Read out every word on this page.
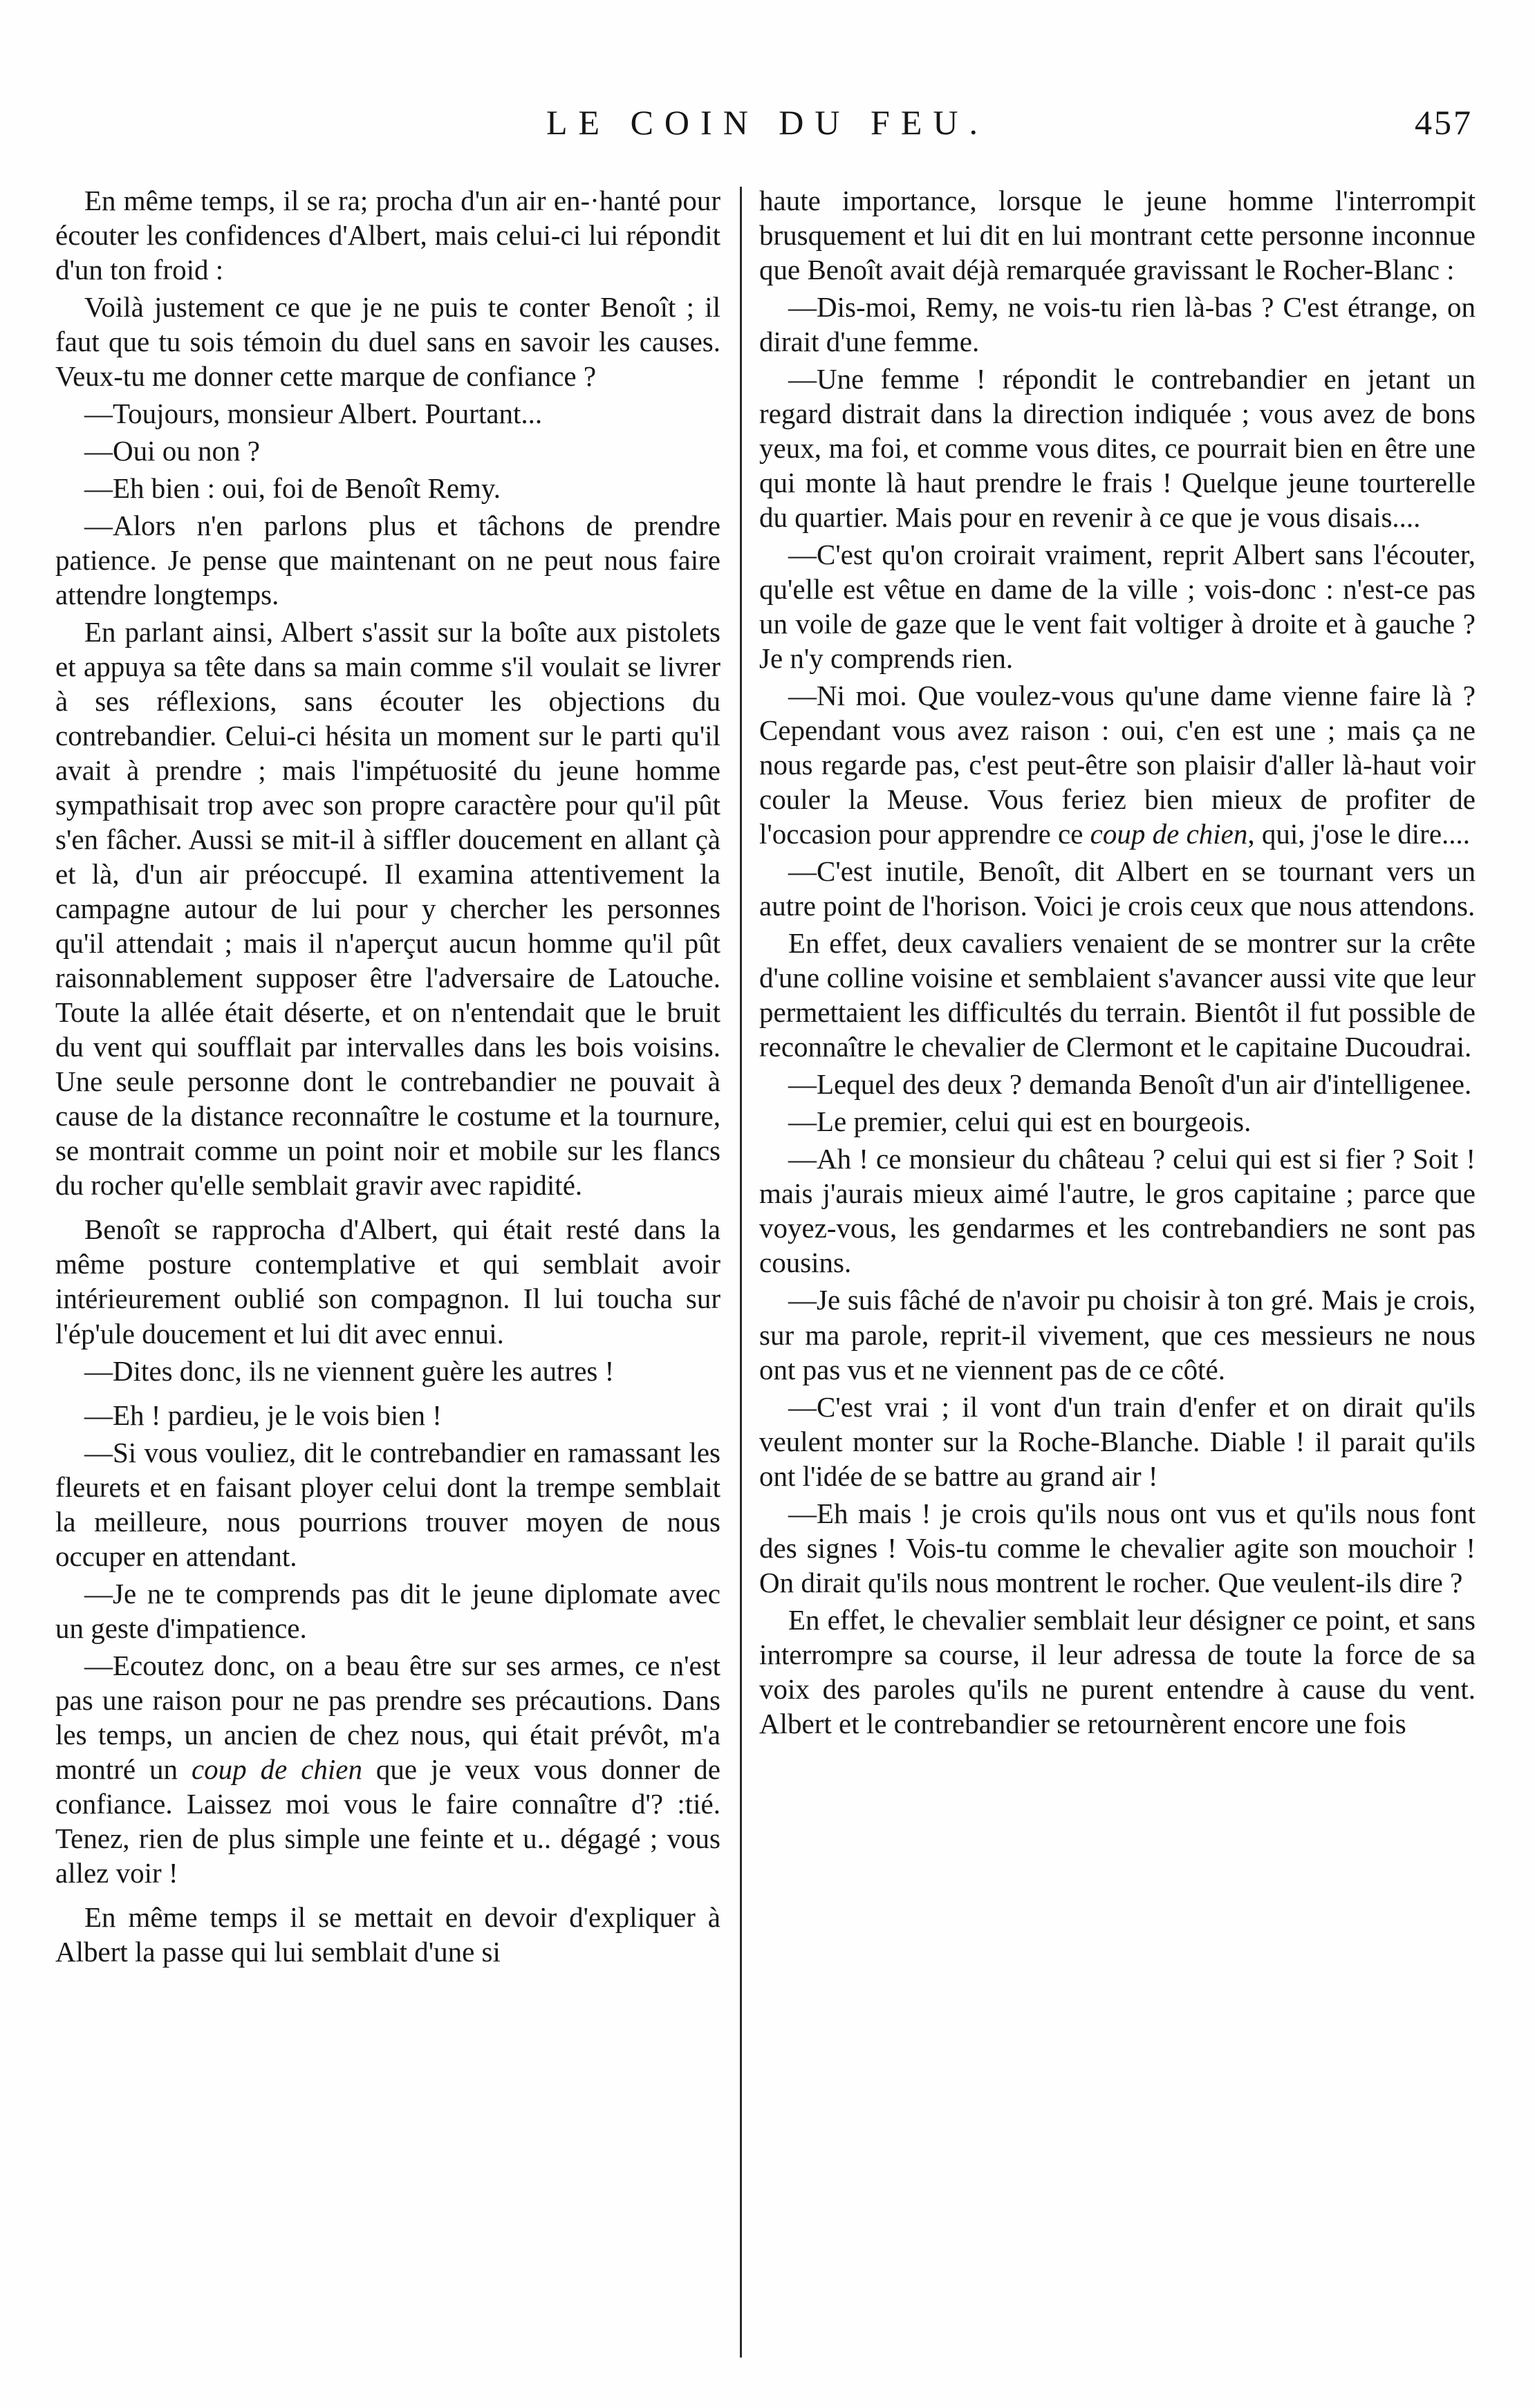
LE COIN DU FEU.	457

En même temps, il se ra; procha d'un air en-·hanté pour écouter les confidences d'Albert, mais celui-ci lui répondit d'un ton froid :

Voilà justement ce que je ne puis te conter Benoît ; il faut que tu sois témoin du duel sans en savoir les causes. Veux-tu me donner cette marque de confiance ?

—Toujours, monsieur Albert. Pourtant...

—Oui ou non ?

—Eh bien : oui, foi de Benoît Remy.

—Alors n'en parlons plus et tâchons de prendre patience. Je pense que maintenant on ne peut nous faire attendre longtemps.

En parlant ainsi, Albert s'assit sur la boîte aux pistolets et appuya sa tête dans sa main comme s'il voulait se livrer à ses réflexions, sans écouter les objections du contrebandier. Celui-ci hésita un moment sur le parti qu'il avait à prendre ; mais l'impétuosité du jeune homme sympathisait trop avec son propre caractère pour qu'il pût s'en fâcher. Aussi se mit-il à siffler doucement en allant çà et là, d'un air préoccupé. Il examina attentivement la campagne autour de lui pour y chercher les personnes qu'il attendait ; mais il n'aperçut aucun homme qu'il pût raisonnablement supposer être l'adversaire de Latouche. Toute la allée était déserte, et on n'entendait que le bruit du vent qui soufflait par intervalles dans les bois voisins. Une seule personne dont le contrebandier ne pouvait à cause de la distance reconnaître le costume et la tournure, se montrait comme un point noir et mobile sur les flancs du rocher qu'elle semblait gravir avec rapidité.

Benoît se rapprocha d'Albert, qui était resté dans la même posture contemplative et qui semblait avoir intérieurement oublié son compagnon. Il lui toucha sur l'ép'ule doucement et lui dit avec ennui.

—Dites donc, ils ne viennent guère les autres !

—Eh ! pardieu, je le vois bien !

—Si vous vouliez, dit le contrebandier en ramassant les fleurets et en faisant ployer celui dont la trempe semblait la meilleure, nous pourrions trouver moyen de nous occuper en attendant.

—Je ne te comprends pas dit le jeune diplomate avec un geste d'impatience.

—Ecoutez donc, on a beau être sur ses armes, ce n'est pas une raison pour ne pas prendre ses précautions. Dans les temps, un ancien de chez nous, qui était prévôt, m'a montré un coup de chien que je veux vous donner de confiance. Laissez moi vous le faire connaître d'? :tié. Tenez, rien de plus simple une feinte et u.. dégagé ; vous allez voir !

En même temps il se mettait en devoir d'expliquer à Albert la passe qui lui semblait d'une si

haute importance, lorsque le jeune homme l'interrompit brusquement et lui dit en lui montrant cette personne inconnue que Benoît avait déjà remarquée gravissant le Rocher-Blanc :

—Dis-moi, Remy, ne vois-tu rien là-bas ? C'est étrange, on dirait d'une femme.

—Une femme ! répondit le contrebandier en jetant un regard distrait dans la direction indiquée ; vous avez de bons yeux, ma foi, et comme vous dites, ce pourrait bien en être une qui monte là haut prendre le frais ! Quelque jeune tourterelle du quartier. Mais pour en revenir à ce que je vous disais....

—C'est qu'on croirait vraiment, reprit Albert sans l'écouter, qu'elle est vêtue en dame de la ville ; vois-donc : n'est-ce pas un voile de gaze que le vent fait voltiger à droite et à gauche ? Je n'y comprends rien.

—Ni moi. Que voulez-vous qu'une dame vienne faire là ? Cependant vous avez raison : oui, c'en est une ; mais ça ne nous regarde pas, c'est peut-être son plaisir d'aller là-haut voir couler la Meuse. Vous feriez bien mieux de profiter de l'occasion pour apprendre ce coup de chien, qui, j'ose le dire....

—C'est inutile, Benoît, dit Albert en se tournant vers un autre point de l'horison. Voici je crois ceux que nous attendons.

En effet, deux cavaliers venaient de se montrer sur la crête d'une colline voisine et semblaient s'avancer aussi vite que leur permettaient les difficultés du terrain. Bientôt il fut possible de reconnaître le chevalier de Clermont et le capitaine Ducoudrai.

—Lequel des deux ? demanda Benoît d'un air d'intelligenee.

—Le premier, celui qui est en bourgeois.

—Ah ! ce monsieur du château ? celui qui est si fier ? Soit ! mais j'aurais mieux aimé l'autre, le gros capitaine ; parce que voyez-vous, les gendarmes et les contrebandiers ne sont pas cousins.

—Je suis fâché de n'avoir pu choisir à ton gré. Mais je crois, sur ma parole, reprit-il vivement, que ces messieurs ne nous ont pas vus et ne viennent pas de ce côté.

—C'est vrai ; il vont d'un train d'enfer et on dirait qu'ils veulent monter sur la Roche-Blanche. Diable ! il parait qu'ils ont l'idée de se battre au grand air !

—Eh mais ! je crois qu'ils nous ont vus et qu'ils nous font des signes ! Vois-tu comme le chevalier agite son mouchoir ! On dirait qu'ils nous montrent le rocher. Que veulent-ils dire ?

En effet, le chevalier semblait leur désigner ce point, et sans interrompre sa course, il leur adressa de toute la force de sa voix des paroles qu'ils ne purent entendre à cause du vent. Albert et le contrebandier se retournèrent encore une fois
